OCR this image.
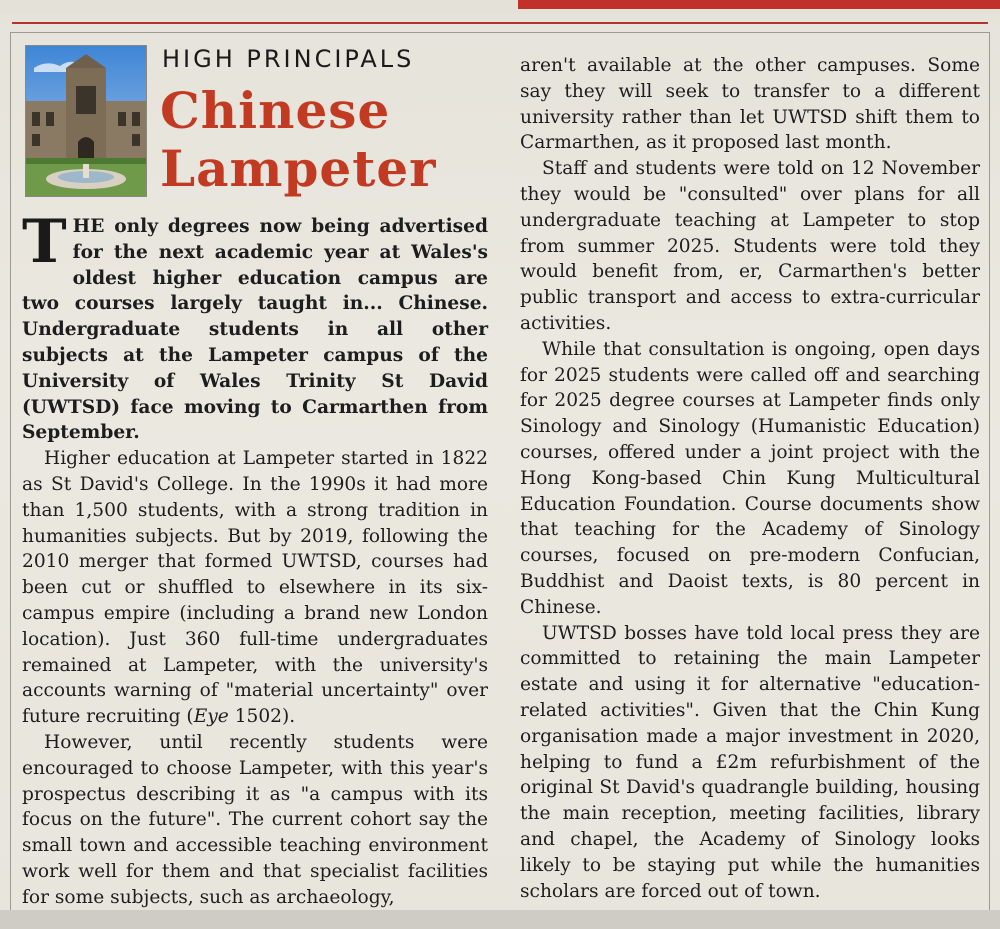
HIGH PRINCIPALS
Chinese
Lampeter

THE only degrees now being advertised for the next academic year at Wales's oldest higher education campus are two courses largely taught in... Chinese. Undergraduate students in all other subjects at the Lampeter campus of the University of Wales Trinity St David (UWTSD) face moving to Carmarthen from September.

Higher education at Lampeter started in 1822 as St David's College. In the 1990s it had more than 1,500 students, with a strong tradition in humanities subjects. But by 2019, following the 2010 merger that formed UWTSD, courses had been cut or shuffled to elsewhere in its six-campus empire (including a brand new London location). Just 360 full-time undergraduates remained at Lampeter, with the university's accounts warning of "material uncertainty" over future recruiting (Eye 1502).

However, until recently students were encouraged to choose Lampeter, with this year's prospectus describing it as "a campus with its focus on the future". The current cohort say the small town and accessible teaching environment work well for them and that specialist facilities for some subjects, such as archaeology,

aren't available at the other campuses. Some say they will seek to transfer to a different university rather than let UWTSD shift them to Carmarthen, as it proposed last month.

Staff and students were told on 12 November they would be "consulted" over plans for all undergraduate teaching at Lampeter to stop from summer 2025. Students were told they would benefit from, er, Carmarthen's better public transport and access to extra-curricular activities.

While that consultation is ongoing, open days for 2025 students were called off and searching for 2025 degree courses at Lampeter finds only Sinology and Sinology (Humanistic Education) courses, offered under a joint project with the Hong Kong-based Chin Kung Multicultural Education Foundation. Course documents show that teaching for the Academy of Sinology courses, focused on pre-modern Confucian, Buddhist and Daoist texts, is 80 percent in Chinese.

UWTSD bosses have told local press they are committed to retaining the main Lampeter estate and using it for alternative "education-related activities". Given that the Chin Kung organisation made a major investment in 2020, helping to fund a £2m refurbishment of the original St David's quadrangle building, housing the main reception, meeting facilities, library and chapel, the Academy of Sinology looks likely to be staying put while the humanities scholars are forced out of town.
